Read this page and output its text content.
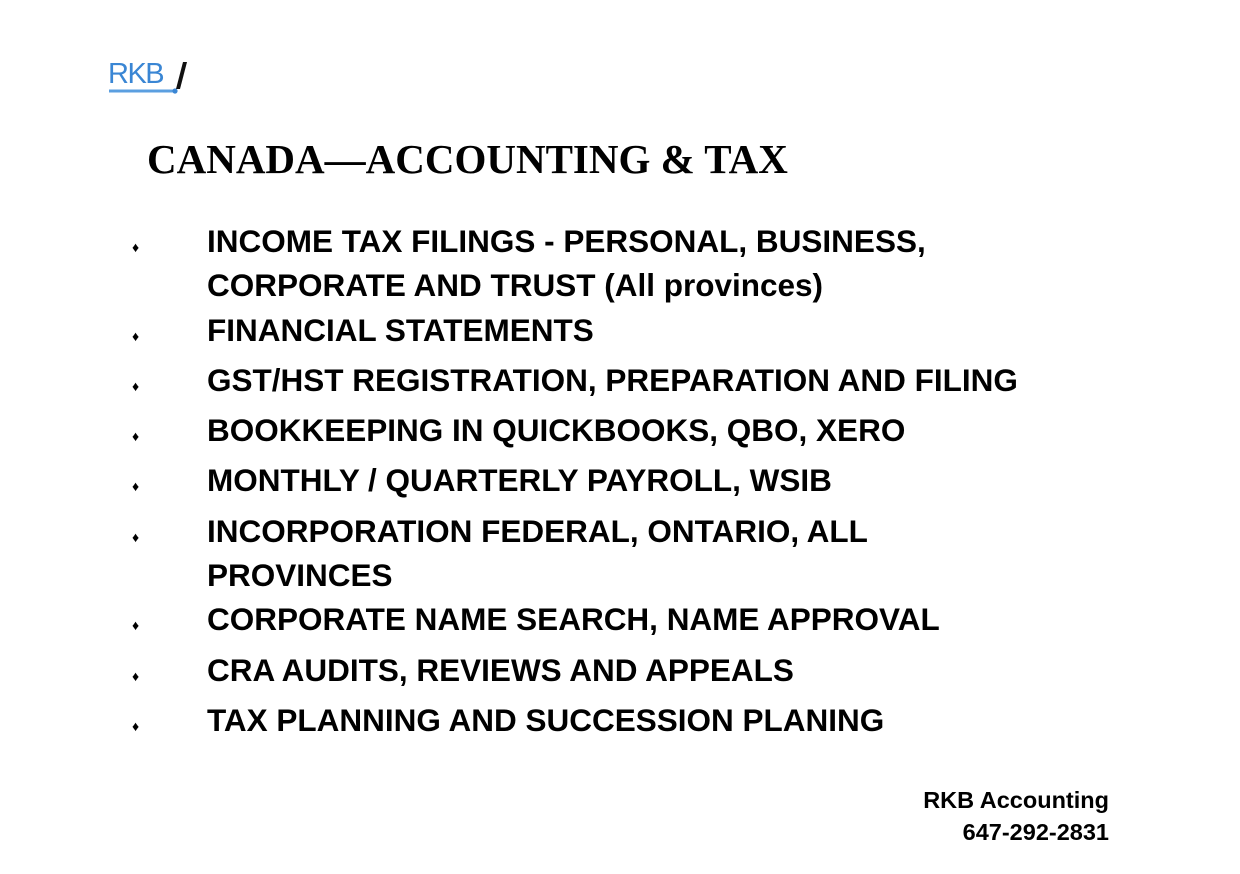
RKB
CANADA—ACCOUNTING & TAX
♦	INCOME TAX FILINGS - PERSONAL, BUSINESS, CORPORATE AND TRUST (All provinces)
♦	FINANCIAL STATEMENTS
♦	GST/HST REGISTRATION, PREPARATION AND FILING
♦	BOOKKEEPING IN QUICKBOOKS, QBO, XERO
♦	MONTHLY / QUARTERLY PAYROLL, WSIB
♦	INCORPORATION FEDERAL, ONTARIO, ALL PROVINCES
♦	CORPORATE NAME SEARCH, NAME APPROVAL
♦	CRA AUDITS, REVIEWS AND APPEALS
♦	TAX PLANNING AND SUCCESSION PLANING
RKB Accounting
647-292-2831
